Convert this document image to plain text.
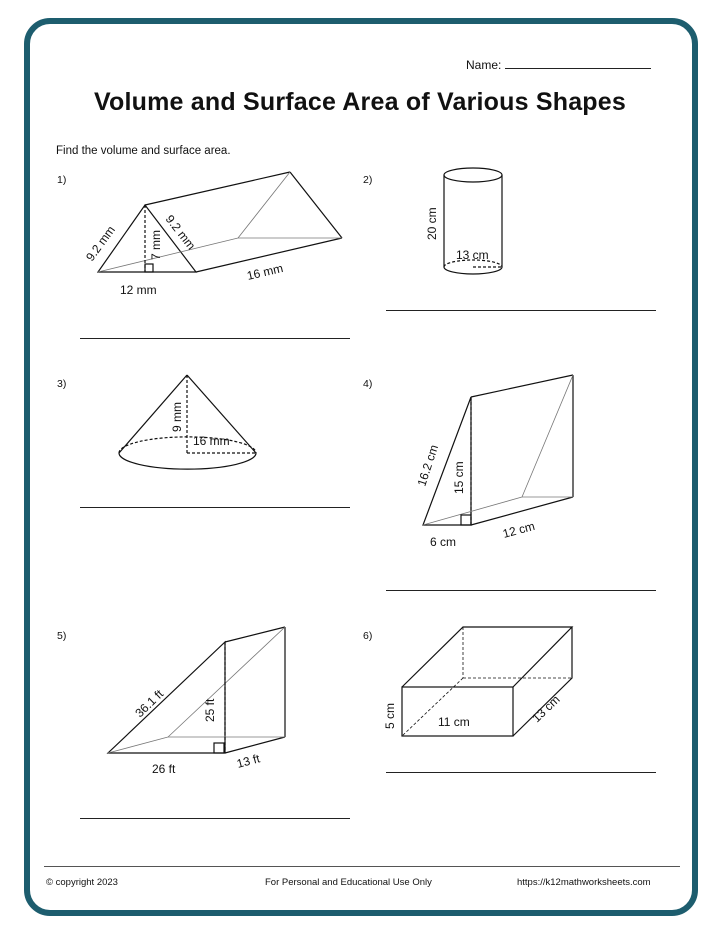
Name:
Volume and Surface Area of Various Shapes
Find the volume and surface area.
1)	2)
3)	4)
5)	6)
9.2 mm	9.2 mm
7 mm
12 mm
16 mm
20 cm
13 cm
9 mm
16 mm
16.2 cm 15 cm
6 cm
12 cm
36.1 ft	25 ft
26 ft	13 ft
5 cm	11 cm	13 cm
© copyright 2023	For Personal and Educational Use Only	https://k12mathworksheets.com
